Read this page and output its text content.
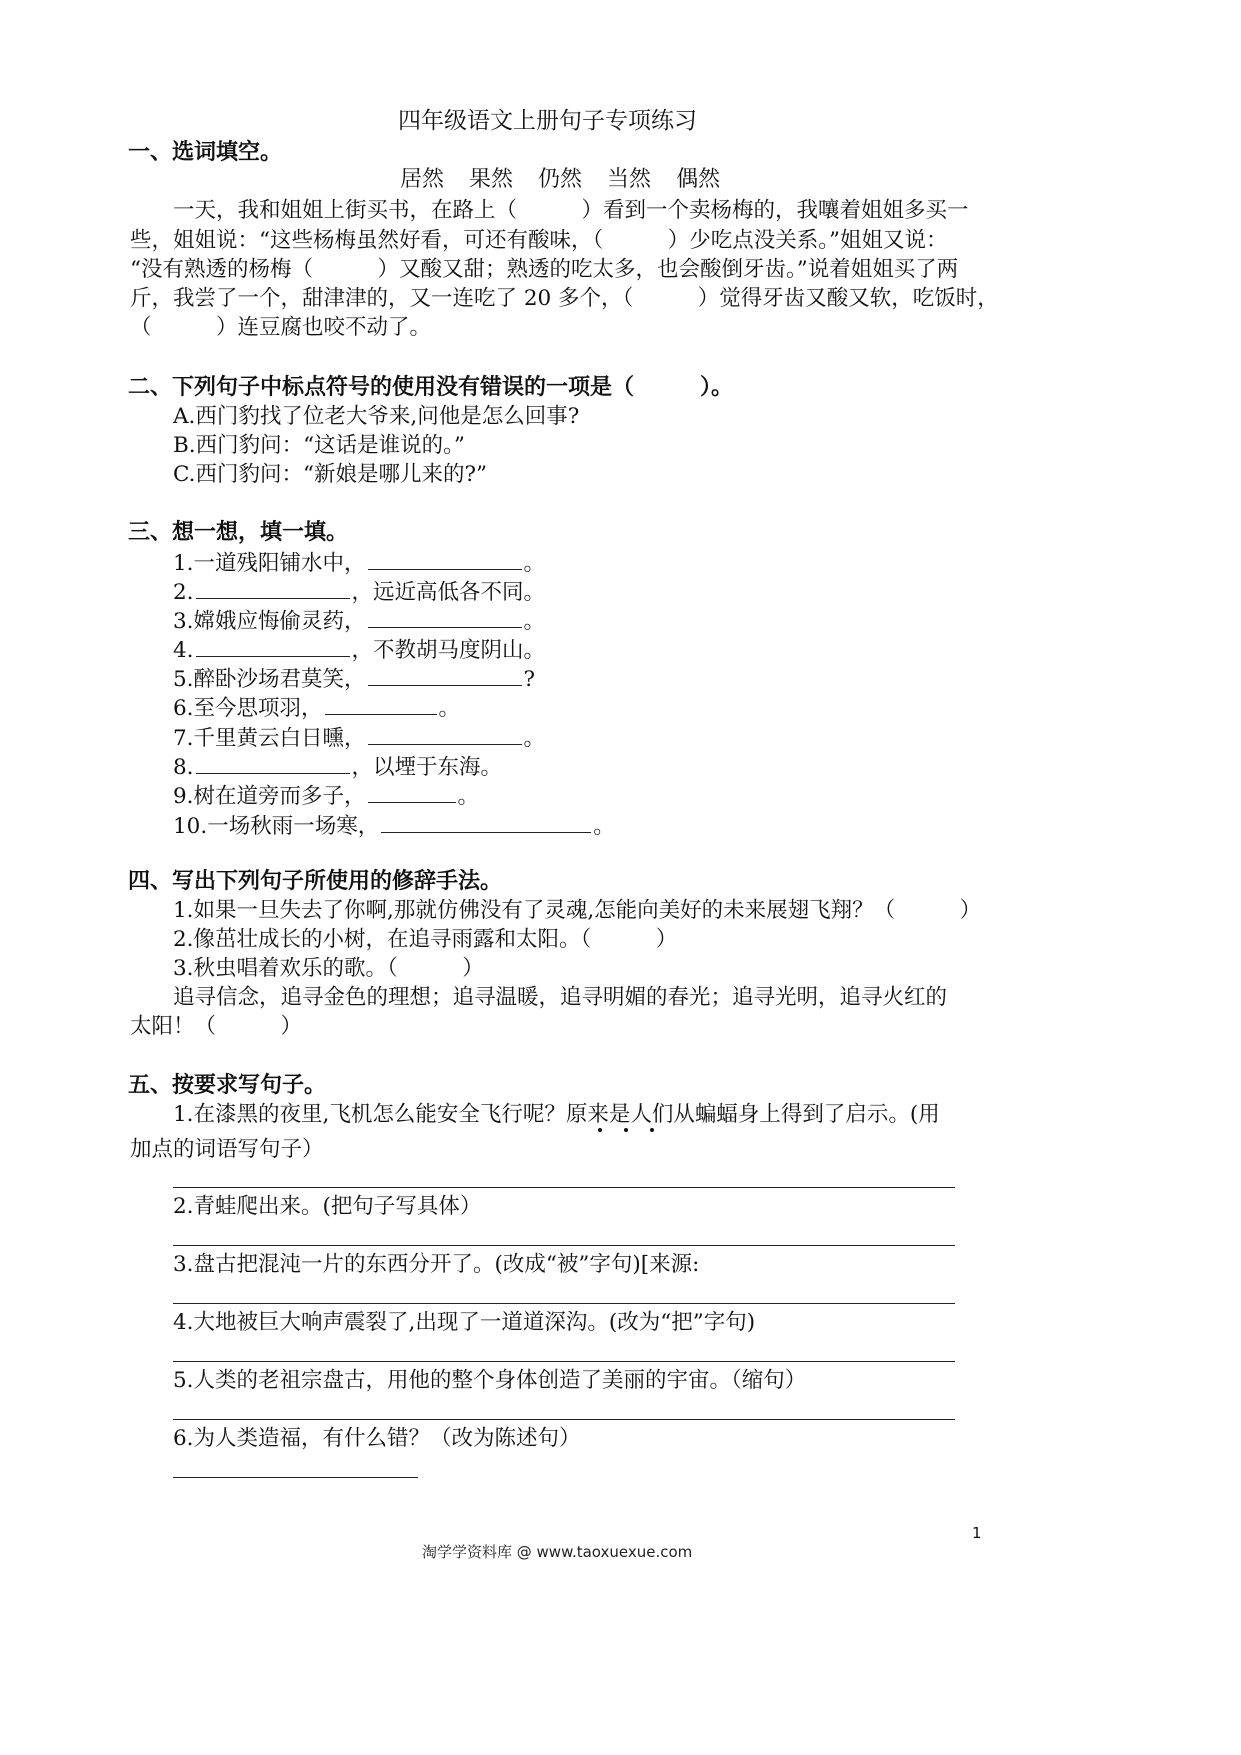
四年级语文上册句子专项练习
一、选词填空。
居然 果然 仍然 当然 偶然
一天，我和姐姐上街买书，在路上（　　　）看到一个卖杨梅的，我嚷着姐姐多买一
些，姐姐说：“这些杨梅虽然好看，可还有酸味，（　　　）少吃点没关系。”姐姐又说：
“没有熟透的杨梅（　　　）又酸又甜；熟透的吃太多，也会酸倒牙齿。”说着姐姐买了两
斤，我尝了一个，甜津津的，又一连吃了 20 多个，（　　　）觉得牙齿又酸又软，吃饭时，
（　　　）连豆腐也咬不动了。
二、下列句子中标点符号的使用没有错误的一项是（　　　）。
A.西门豹找了位老大爷来,问他是怎么回事?
B.西门豹问：“这话是谁说的。”
C.西门豹问：“新娘是哪儿来的?”
三、想一想，填一填。
1.一道残阳铺水中，	。
2.	，远近高低各不同。
3.嫦娥应悔偷灵药，	。
4.	，不教胡马度阴山。
5.醉卧沙场君莫笑，	?
6.至今思项羽，	。
7.千里黄云白日曛，	。
8.	，以堙于东海。
9.树在道旁而多子，	。
10.一场秋雨一场寒，	。
四、写出下列句子所使用的修辞手法。
1.如果一旦失去了你啊,那就仿佛没有了灵魂,怎能向美好的未来展翅飞翔？（　　　）
2.像茁壮成长的小树，在追寻雨露和太阳。（　　　）
3.秋虫唱着欢乐的歌。（　　　）
追寻信念，追寻金色的理想；追寻温暖，追寻明媚的春光；追寻光明，追寻火红的
太阳！（　　　）
五、按要求写句子。
1.在漆黑的夜里,飞机怎么能安全飞行呢？原来是人们从蝙蝠身上得到了启示。(用
加点的词语写句子）
2.青蛙爬出来。(把句子写具体）
3.盘古把混沌一片的东西分开了。(改成“被”字句)[来源:
4.大地被巨大响声震裂了,出现了一道道深沟。(改为“把”字句)
5.人类的老祖宗盘古，用他的整个身体创造了美丽的宇宙。（缩句）
6.为人类造福，有什么错？（改为陈述句）
1
淘学学资料库 @ www.taoxuexue.com
